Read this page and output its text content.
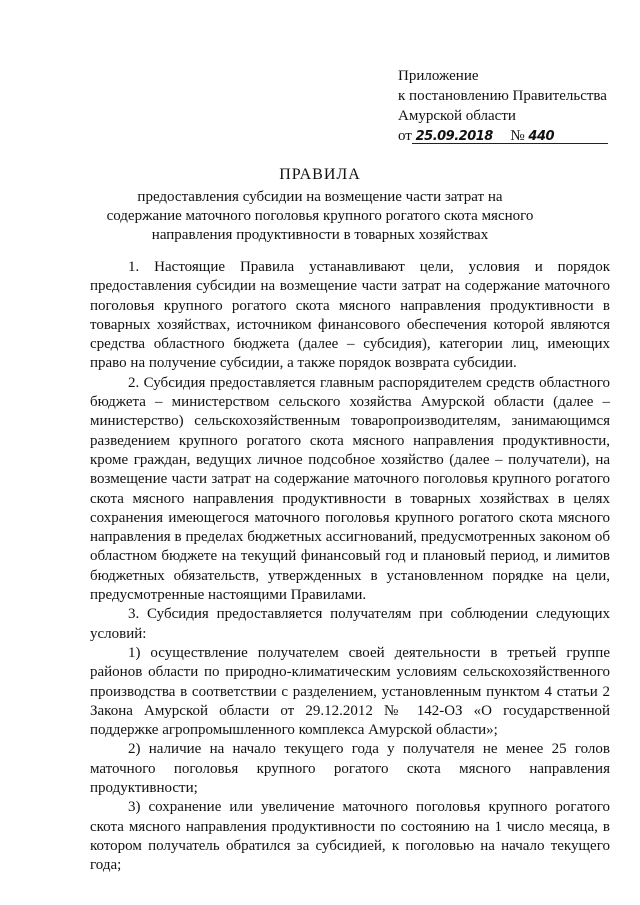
Приложение
к постановлению Правительства
Амурской области
от 25.09.2018 № 440
ПРАВИЛА
предоставления субсидии на возмещение части затрат на содержание маточного поголовья крупного рогатого скота мясного направления продуктивности в товарных хозяйствах

1. Настоящие Правила устанавливают цели, условия и порядок предоставления субсидии на возмещение части затрат на содержание маточного поголовья крупного рогатого скота мясного направления продуктивности в товарных хозяйствах, источником финансового обеспечения которой являются средства областного бюджета (далее – субсидия), категории лиц, имеющих право на получение субсидии, а также порядок возврата субсидии.

2. Субсидия предоставляется главным распорядителем средств областного бюджета – министерством сельского хозяйства Амурской области (далее – министерство) сельскохозяйственным товаропроизводителям, занимающимся разведением крупного рогатого скота мясного направления продуктивности, кроме граждан, ведущих личное подсобное хозяйство (далее – получатели), на возмещение части затрат на содержание маточного поголовья крупного рогатого скота мясного направления продуктивности в товарных хозяйствах в целях сохранения имеющегося маточного поголовья крупного рогатого скота мясного направления в пределах бюджетных ассигнований, предусмотренных законом об областном бюджете на текущий финансовый год и плановый период, и лимитов бюджетных обязательств, утвержденных в установленном порядке на цели, предусмотренные настоящими Правилами.

3. Субсидия предоставляется получателям при соблюдении следующих условий:

1) осуществление получателем своей деятельности в третьей группе районов области по природно-климатическим условиям сельскохозяйственного производства в соответствии с разделением, установленным пунктом 4 статьи 2 Закона Амурской области от 29.12.2012 № 142-ОЗ «О государственной поддержке агропромышленного комплекса Амурской области»;

2) наличие на начало текущего года у получателя не менее 25 голов маточного поголовья крупного рогатого скота мясного направления продуктивности;

3) сохранение или увеличение маточного поголовья крупного рогатого скота мясного направления продуктивности по состоянию на 1 число месяца, в котором получатель обратился за субсидией, к поголовью на начало текущего года;
